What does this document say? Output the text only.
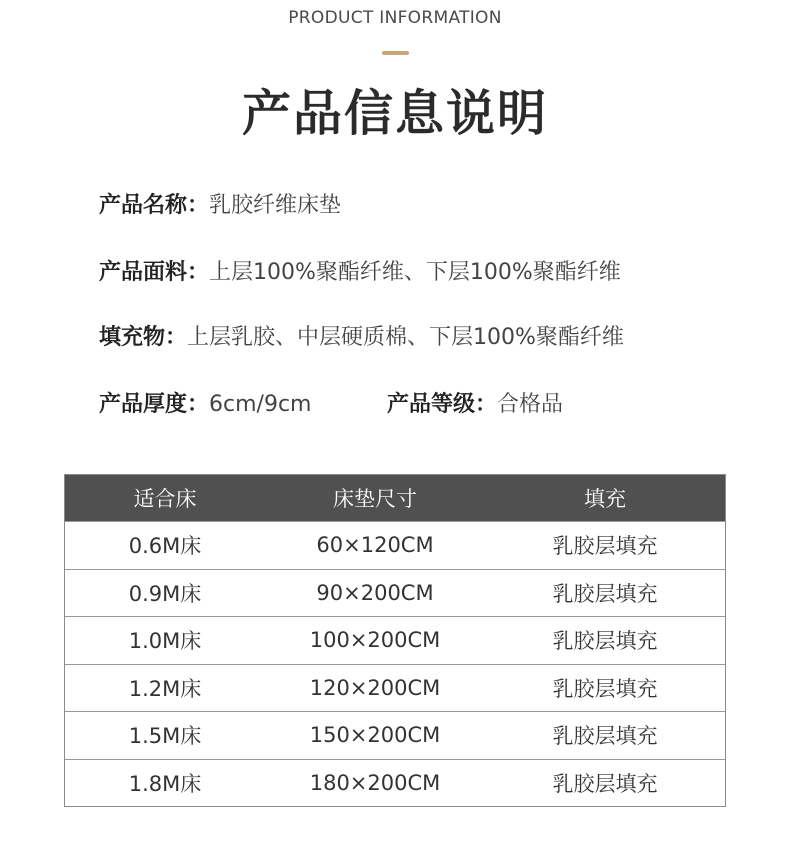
PRODUCT INFORMATION
产品信息说明
产品名称：乳胶纤维床垫
产品面料：上层100%聚酯纤维、下层100%聚酯纤维
填充物：上层乳胶、中层硬质棉、下层100%聚酯纤维
产品厚度：6cm/9cm	产品等级：合格品
适合床	床垫尺寸	填充
0.6M床	60×120CM	乳胶层填充
0.9M床	90×200CM	乳胶层填充
1.0M床	100×200CM	乳胶层填充
1.2M床	120×200CM	乳胶层填充
1.5M床	150×200CM	乳胶层填充
1.8M床	180×200CM	乳胶层填充
